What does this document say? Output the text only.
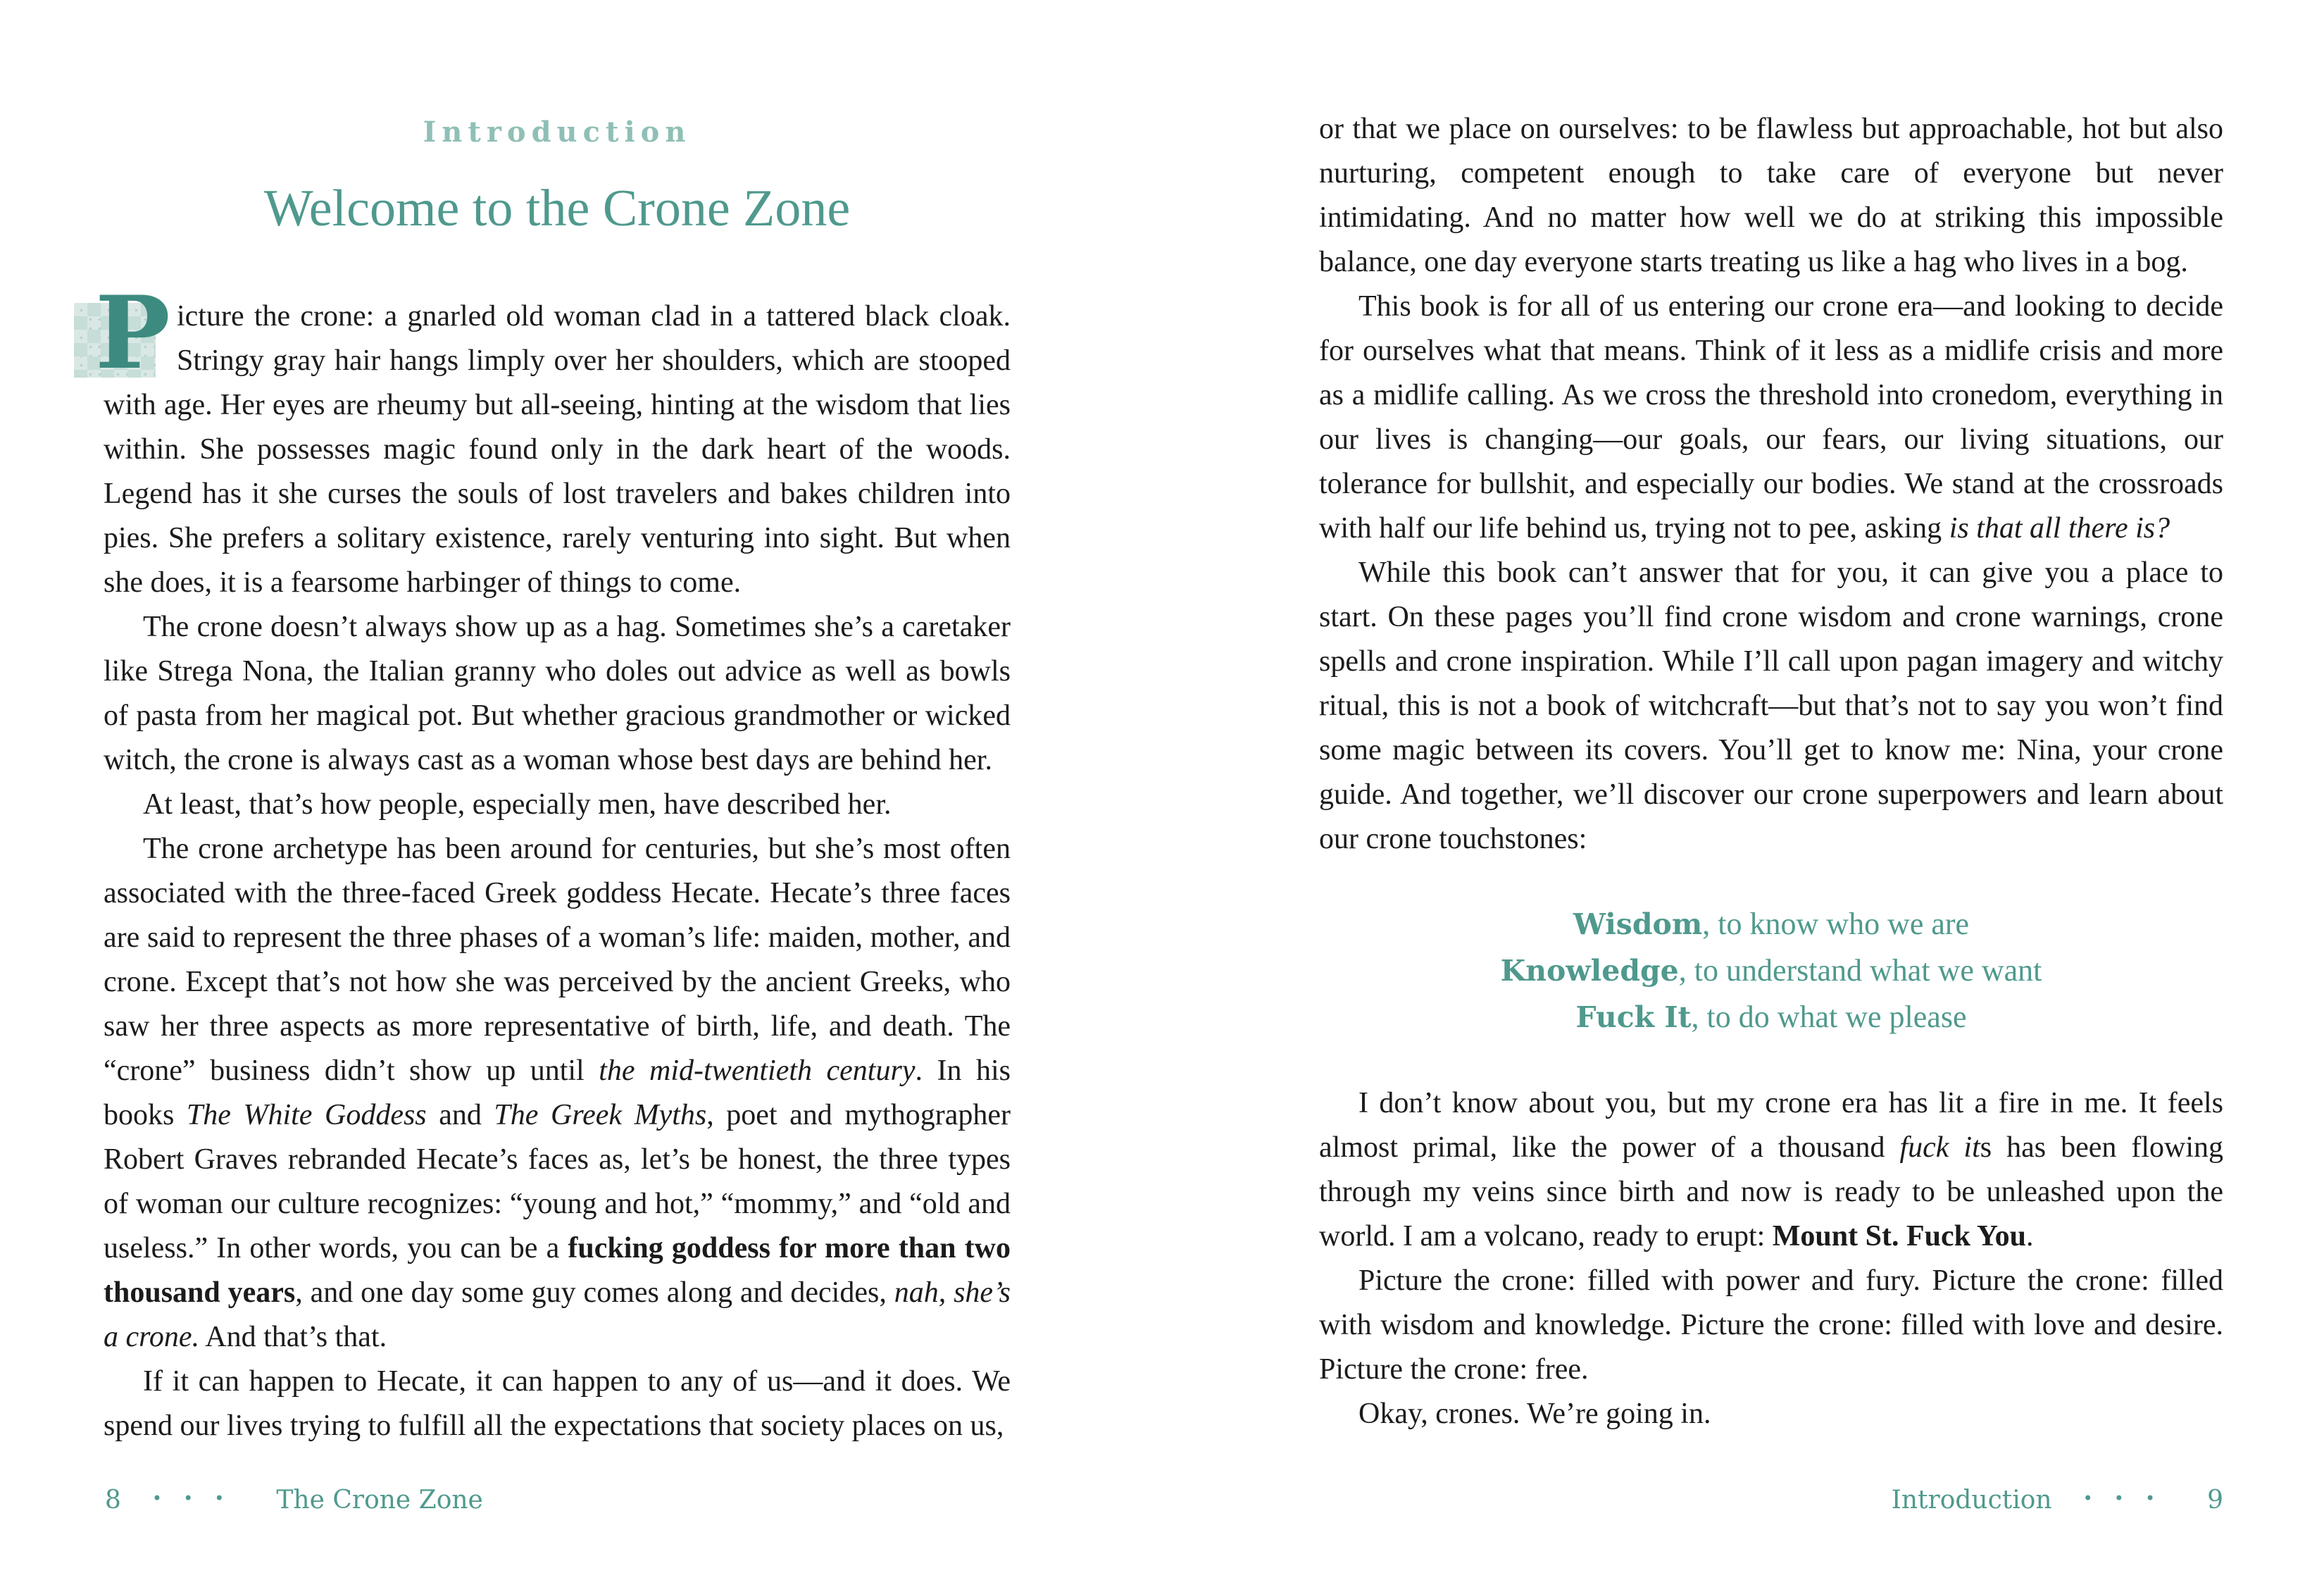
Introduction
Welcome to the Crone Zone

P icture the crone: a gnarled old woman clad in a tattered black cloak. Stringy gray hair hangs limply over her shoulders, which are stooped with age. Her eyes are rheumy but all-seeing, hinting at the wisdom that lies within. She possesses magic found only in the dark heart of the woods. Legend has it she curses the souls of lost travelers and bakes children into pies. She prefers a solitary existence, rarely venturing into sight. But when she does, it is a fearsome harbinger of things to come.

The crone doesn’t always show up as a hag. Sometimes she’s a caretaker like Strega Nona, the Italian granny who doles out advice as well as bowls of pasta from her magical pot. But whether gracious grandmother or wicked witch, the crone is always cast as a woman whose best days are behind her.

At least, that’s how people, especially men, have described her.

The crone archetype has been around for centuries, but she’s most often associated with the three-faced Greek goddess Hecate. Hecate’s three faces are said to represent the three phases of a woman’s life: maiden, mother, and crone. Except that’s not how she was perceived by the ancient Greeks, who saw her three aspects as more representative of birth, life, and death. The “crone” business didn’t show up until the mid-twentieth century. In his books The White Goddess and The Greek Myths, poet and mythographer Robert Graves rebranded Hecate’s faces as, let’s be honest, the three types of woman our culture recognizes: “young and hot,” “mommy,” and “old and useless.” In other words, you can be a fucking goddess for more than two thousand years, and one day some guy comes along and decides, nah, she’s a crone. And that’s that.

If it can happen to Hecate, it can happen to any of us—and it does. We spend our lives trying to fulfill all the expectations that society places on us,

8 ••• The Crone Zone

or that we place on ourselves: to be flawless but approachable, hot but also nurturing, competent enough to take care of everyone but never intimidating. And no matter how well we do at striking this impossible balance, one day everyone starts treating us like a hag who lives in a bog.

This book is for all of us entering our crone era—and looking to decide for ourselves what that means. Think of it less as a midlife crisis and more as a midlife calling. As we cross the threshold into cronedom, everything in our lives is changing—our goals, our fears, our living situations, our tolerance for bullshit, and especially our bodies. We stand at the crossroads with half our life behind us, trying not to pee, asking is that all there is?

While this book can’t answer that for you, it can give you a place to start. On these pages you’ll find crone wisdom and crone warnings, crone spells and crone inspiration. While I’ll call upon pagan imagery and witchy ritual, this is not a book of witchcraft—but that’s not to say you won’t find some magic between its covers. You’ll get to know me: Nina, your crone guide. And together, we’ll discover our crone superpowers and learn about our crone touchstones:

Wisdom, to know who we are
Knowledge, to understand what we want
Fuck It, to do what we please

I don’t know about you, but my crone era has lit a fire in me. It feels almost primal, like the power of a thousand fuck its has been flowing through my veins since birth and now is ready to be unleashed upon the world. I am a volcano, ready to erupt: Mount St. Fuck You.

Picture the crone: filled with power and fury. Picture the crone: filled with wisdom and knowledge. Picture the crone: filled with love and desire. Picture the crone: free.

Okay, crones. We’re going in.

Introduction ••• 9
